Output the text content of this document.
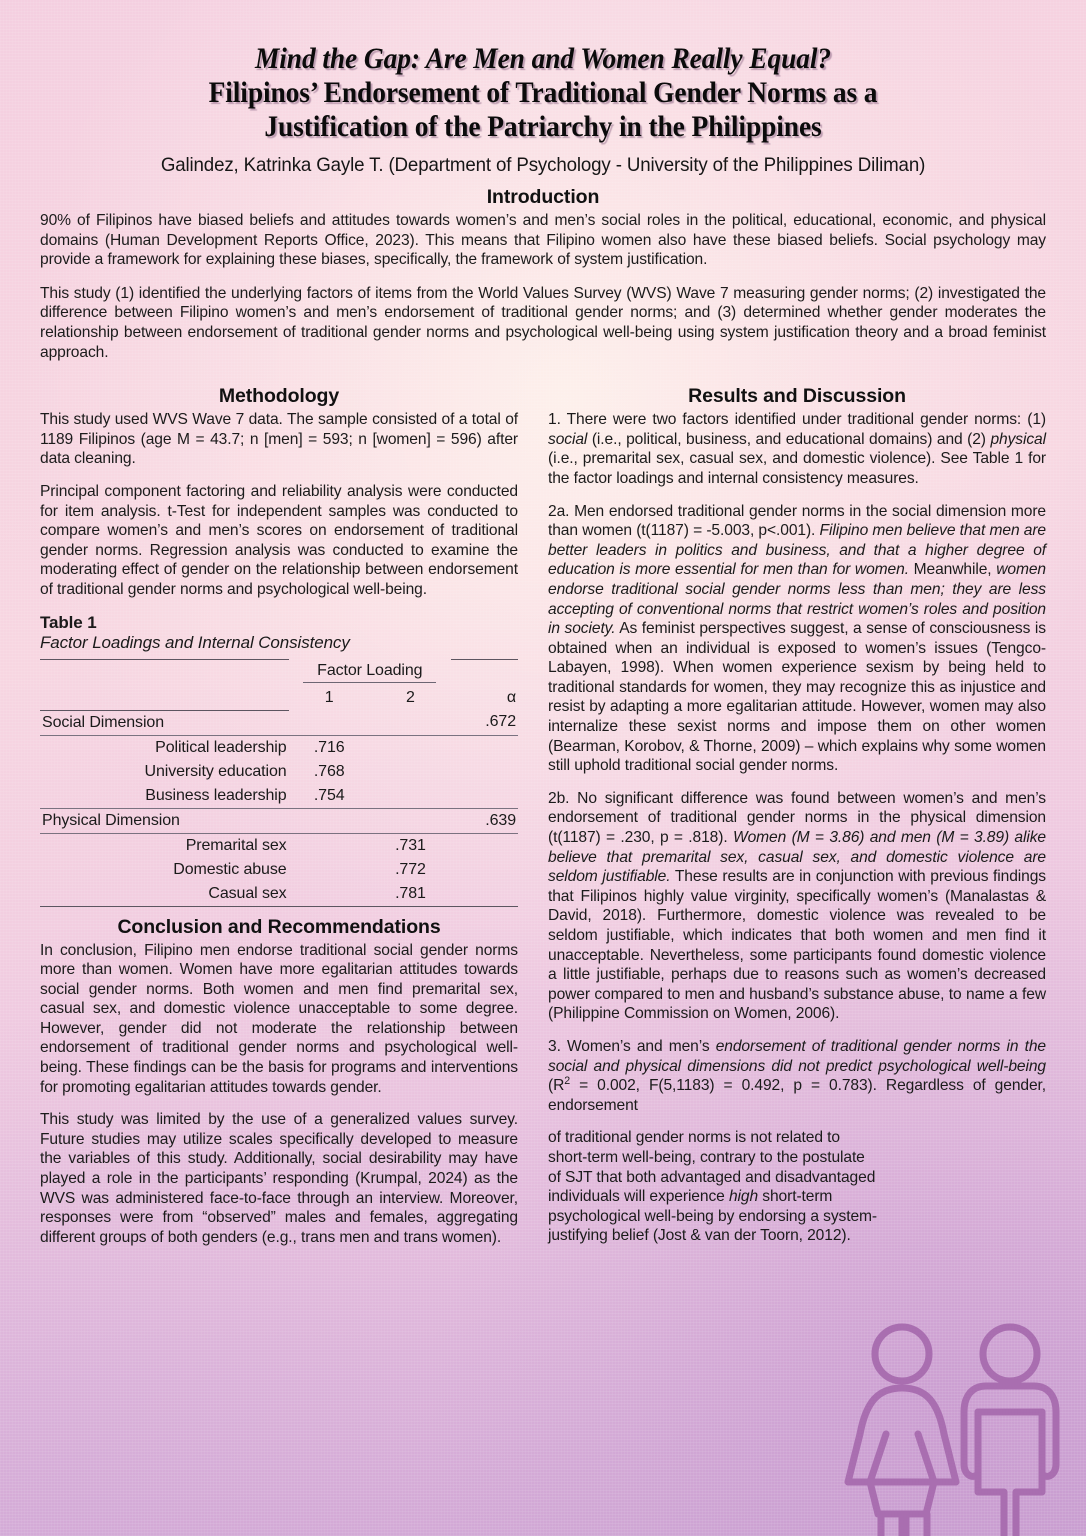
Mind the Gap: Are Men and Women Really Equal?
Filipinos’ Endorsement of Traditional Gender Norms as a
Justification of the Patriarchy in the Philippines
Galindez, Katrinka Gayle T. (Department of Psychology - University of the Philippines Diliman)
Introduction

90% of Filipinos have biased beliefs and attitudes towards women’s and men’s social roles in the political, educational, economic, and physical domains (Human Development Reports Office, 2023). This means that Filipino women also have these biased beliefs. Social psychology may provide a framework for explaining these biases, specifically, the framework of system justification.

This study (1) identified the underlying factors of items from the World Values Survey (WVS) Wave 7 measuring gender norms; (2) investigated the difference between Filipino women’s and men’s endorsement of traditional gender norms; and (3) determined whether gender moderates the relationship between endorsement of traditional gender norms and psychological well-being using system justification theory and a broad feminist approach.

Methodology

This study used WVS Wave 7 data. The sample consisted of a total of 1189 Filipinos (age M = 43.7; n [men] = 593; n [women] = 596) after data cleaning.

Principal component factoring and reliability analysis were conducted for item analysis. t-Test for independent samples was conducted to compare women’s and men’s scores on endorsement of traditional gender norms. Regression analysis was conducted to examine the moderating effect of gender on the relationship between endorsement of traditional gender norms and psychological well-being.

Table 1
Factor Loadings and Internal Consistency
	Factor Loading		
	1	2	α
Social Dimension			.672
Political leadership	.716		
University education	.768		
Business leadership	.754		
Physical Dimension			.639
Premarital sex		.731	
Domestic abuse		.772	
Casual sex		.781	
Conclusion and Recommendations

In conclusion, Filipino men endorse traditional social gender norms more than women. Women have more egalitarian attitudes towards social gender norms. Both women and men find premarital sex, casual sex, and domestic violence unacceptable to some degree. However, gender did not moderate the relationship between endorsement of traditional gender norms and psychological well-being. These findings can be the basis for programs and interventions for promoting egalitarian attitudes towards gender.

This study was limited by the use of a generalized values survey. Future studies may utilize scales specifically developed to measure the variables of this study. Additionally, social desirability may have played a role in the participants’ responding (Krumpal, 2024) as the WVS was administered face-to-face through an interview. Moreover, responses were from “observed” males and females, aggregating different groups of both genders (e.g., trans men and trans women).

Results and Discussion

1. There were two factors identified under traditional gender norms: (1) social (i.e., political, business, and educational domains) and (2) physical (i.e., premarital sex, casual sex, and domestic violence). See Table 1 for the factor loadings and internal consistency measures.

2a. Men endorsed traditional gender norms in the social dimension more than women (t(1187) = -5.003, p<.001). Filipino men believe that men are better leaders in politics and business, and that a higher degree of education is more essential for men than for women. Meanwhile, women endorse traditional social gender norms less than men; they are less accepting of conventional norms that restrict women’s roles and position in society. As feminist perspectives suggest, a sense of consciousness is obtained when an individual is exposed to women’s issues (Tengco-Labayen, 1998). When women experience sexism by being held to traditional standards for women, they may recognize this as injustice and resist by adapting a more egalitarian attitude. However, women may also internalize these sexist norms and impose them on other women (Bearman, Korobov, & Thorne, 2009) – which explains why some women still uphold traditional social gender norms.

2b. No significant difference was found between women’s and men’s endorsement of traditional gender norms in the physical dimension (t(1187) = .230, p = .818). Women (M = 3.86) and men (M = 3.89) alike believe that premarital sex, casual sex, and domestic violence are seldom justifiable. These results are in conjunction with previous findings that Filipinos highly value virginity, specifically women’s (Manalastas & David, 2018). Furthermore, domestic violence was revealed to be seldom justifiable, which indicates that both women and men find it unacceptable. Nevertheless, some participants found domestic violence a little justifiable, perhaps due to reasons such as women’s decreased power compared to men and husband’s substance abuse, to name a few (Philippine Commission on Women, 2006).

3. Women’s and men’s endorsement of traditional gender norms in the social and physical dimensions did not predict psychological well-being ($R^2 = 0.002$, F(5,1183) = 0.492, p = 0.783). Regardless of gender, endorsement

of traditional gender norms is not related to short-term well-being, contrary to the postulate of SJT that both advantaged and disadvantaged individuals will experience high short-term psychological well-being by endorsing a system-justifying belief (Jost & van der Toorn, 2012).
